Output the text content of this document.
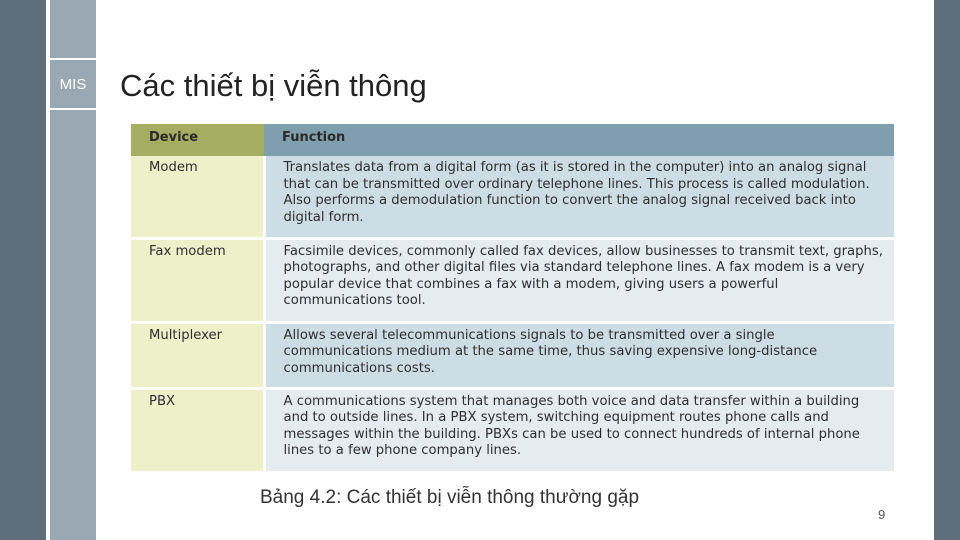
MIS Các thiết bị viễn thông
Device	Function
Modem	Translates data from a digital form (as it is stored in the computer) into an analog signal that can be transmitted over ordinary telephone lines. This process is called modulation. Also performs a demodulation function to convert the analog signal received back into digital form.
Fax modem	Facsimile devices, commonly called fax devices, allow businesses to transmit text, graphs, photographs, and other digital files via standard telephone lines. A fax modem is a very popular device that combines a fax with a modem, giving users a powerful communications tool.
Multiplexer	Allows several telecommunications signals to be transmitted over a single communications medium at the same time, thus saving expensive long-distance communications costs.
PBX	A communications system that manages both voice and data transfer within a building and to outside lines. In a PBX system, switching equipment routes phone calls and messages within the building. PBXs can be used to connect hundreds of internal phone lines to a few phone company lines.
Bảng 4.2: Các thiết bị viễn thông thường gặp
9
